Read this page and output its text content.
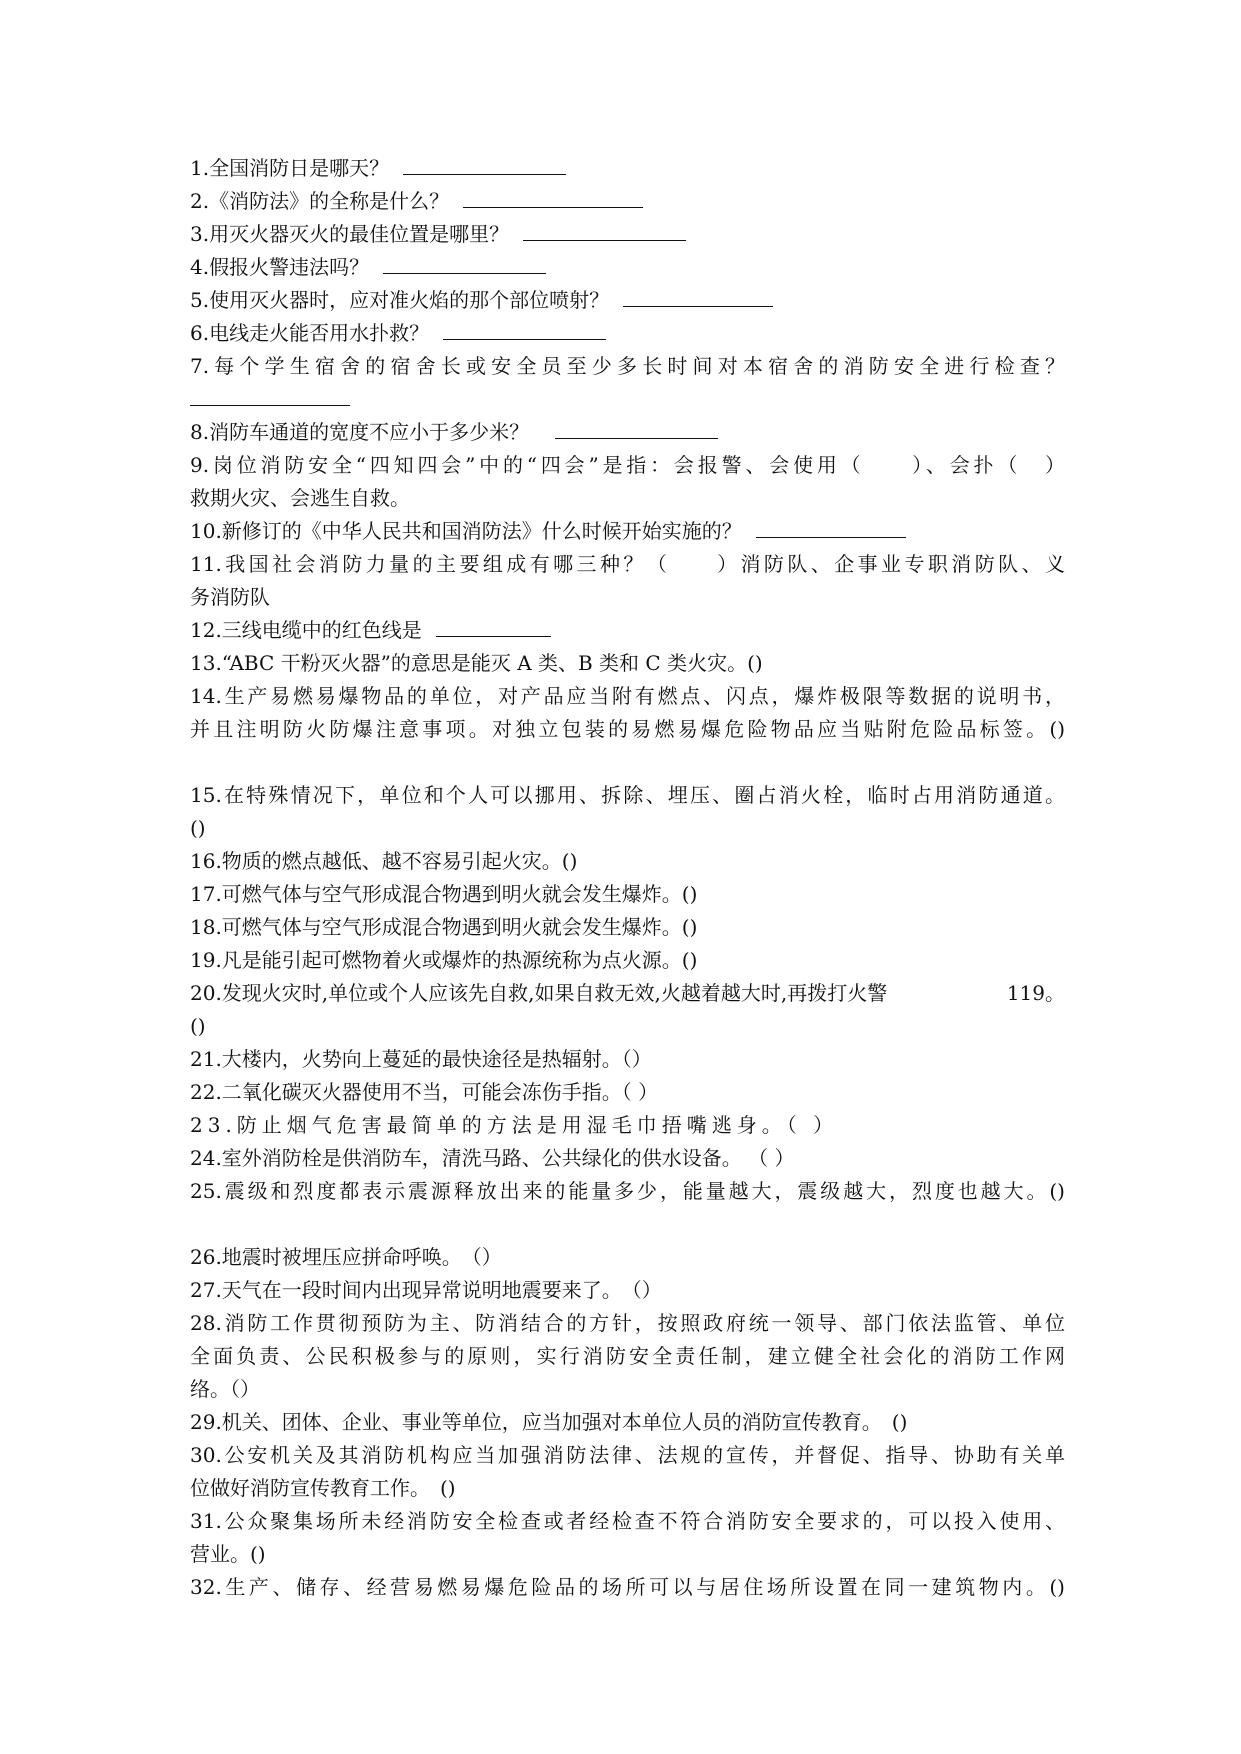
1.全国消防日是哪天？
2.《消防法》的全称是什么？
3.用灭火器灭火的最佳位置是哪里？
4.假报火警违法吗？
5.使用灭火器时，应对准火焰的那个部位喷射？
6.电线走火能否用水扑救？
7.每个学生宿舍的宿舍长或安全员至少多长时间对本宿舍的消防安全进行检查？
8.消防车通道的宽度不应小于多少米？
9.岗位消防安全“四知四会”中的“四会”是指：会报警、会使用（　　）、会扑（　）
救期火灾、会逃生自救。
10.新修订的《中华人民共和国消防法》什么时候开始实施的？
11.我国社会消防力量的主要组成有哪三种？（　　）消防队、企事业专职消防队、义
务消防队
12.三线电缆中的红色线是
13.“ABC 干粉灭火器”的意思是能灭 A 类、B 类和 C 类火灾。()
14.生产易燃易爆物品的单位，对产品应当附有燃点、闪点，爆炸极限等数据的说明书，
并且注明防火防爆注意事项。对独立包装的易燃易爆危险物品应当贴附危险品标签。()
15.在特殊情况下，单位和个人可以挪用、拆除、埋压、圈占消火栓，临时占用消防通道。
()
16.物质的燃点越低、越不容易引起火灾。()
17.可燃气体与空气形成混合物遇到明火就会发生爆炸。()
18.可燃气体与空气形成混合物遇到明火就会发生爆炸。()
19.凡是能引起可燃物着火或爆炸的热源统称为点火源。()
20.发现火灾时,单位或个人应该先自救,如果自救无效,火越着越大时,再拨打火警	119。
()
21.大楼内，火势向上蔓延的最快途径是热辐射。（）
22.二氧化碳灭火器使用不当，可能会冻伤手指。（ ）
23.防止烟气危害最简单的方法是用湿毛巾捂嘴逃身。（ ）
24.室外消防栓是供消防车，清洗马路、公共绿化的供水设备。 （ ）
25.震级和烈度都表示震源释放出来的能量多少，能量越大，震级越大，烈度也越大。()
26.地震时被埋压应拼命呼唤。　（）
27.天气在一段时间内出现异常说明地震要来了。　（）
28.消防工作贯彻预防为主、防消结合的方针，按照政府统一领导、部门依法监管、单位
全面负责、公民积极参与的原则，实行消防安全责任制，建立健全社会化的消防工作网
络。（）
29.机关、团体、企业、事业等单位，应当加强对本单位人员的消防宣传教育。　()
30.公安机关及其消防机构应当加强消防法律、法规的宣传，并督促、指导、协助有关单
位做好消防宣传教育工作。　()
31.公众聚集场所未经消防安全检查或者经检查不符合消防安全要求的，可以投入使用、
营业。()
32.生产、储存、经营易燃易爆危险品的场所可以与居住场所设置在同一建筑物内。()
